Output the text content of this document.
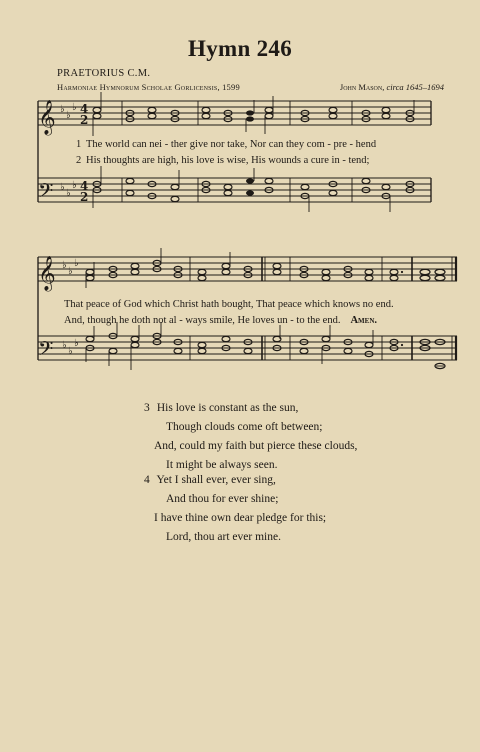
Hymn 246
PRAETORIUS C.M.
Harmoniae Hymnorum Scholae Gorlicensis, 1599	John Mason, circa 1645–1694
𝄞
𝄢
♭
♭
♭
♭
♭
♭
4
2
4
2
1 The world can nei - ther give nor take, Nor can they com - pre - hend
2 His thoughts are high, his love is wise, His wounds a cure in - tend;
𝄞
𝄢
♭
♭
♭
♭
♭
♭
That peace of God which Christ hath bought, That peace which knows no end.
And, though he doth not al - ways smile, He loves un - to the end. Amen.
3 His love is constant as the sun,
Though clouds come oft between;
And, could my faith but pierce these clouds,
It might be always seen.
4 Yet I shall ever, ever sing,
And thou for ever shine;
I have thine own dear pledge for this;
Lord, thou art ever mine.
